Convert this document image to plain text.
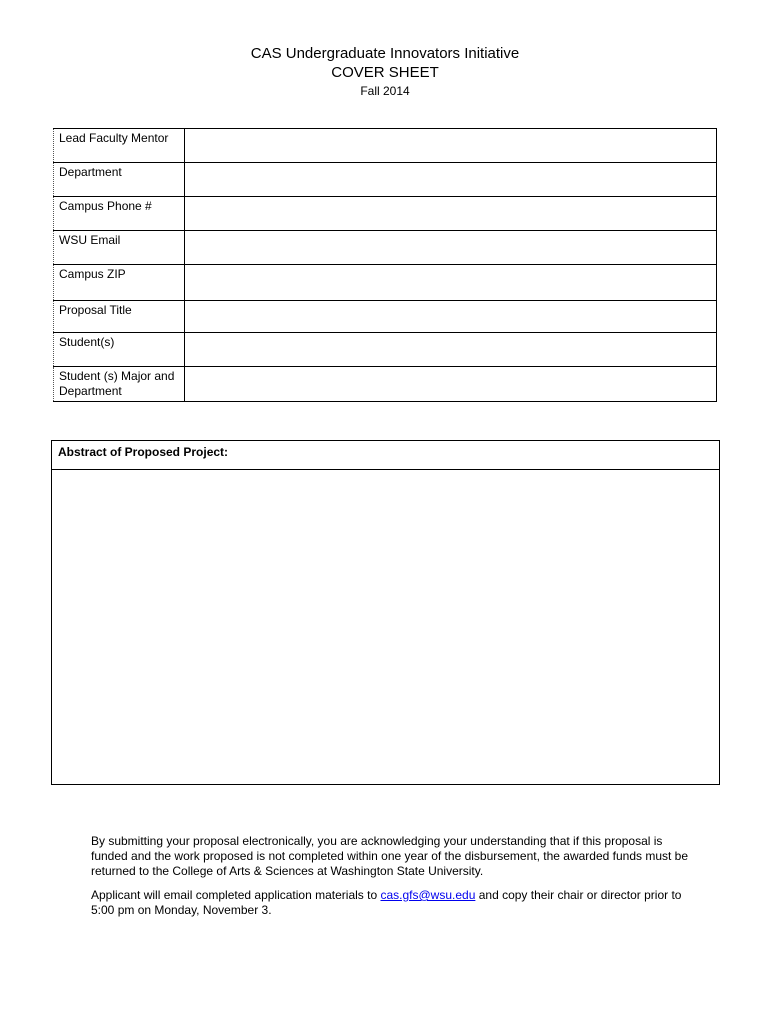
CAS Undergraduate Innovators Initiative
COVER SHEET
Fall 2014
Lead Faculty Mentor	
Department	
Campus Phone #	
WSU Email	
Campus ZIP	
Proposal Title	
Student(s)	
Student (s) Major and Department	
Abstract of Proposed Project:

By submitting your proposal electronically, you are acknowledging your understanding that if this proposal is funded and the work proposed is not completed within one year of the disbursement, the awarded funds must be returned to the College of Arts & Sciences at Washington State University.

Applicant will email completed application materials to cas.gfs@wsu.edu and copy their chair or director prior to 5:00 pm on Monday, November 3.
